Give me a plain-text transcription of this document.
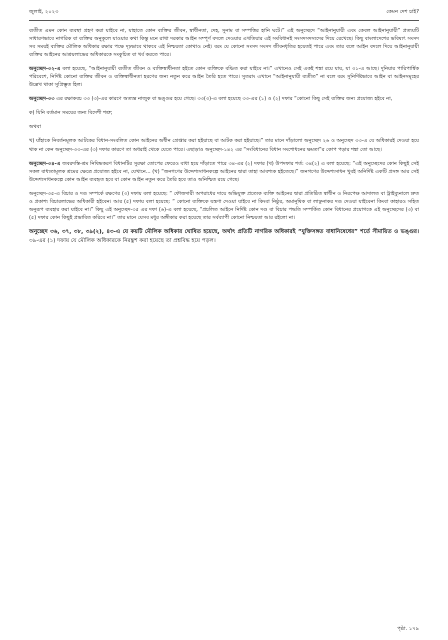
জুলাই, ২০২৩	কেমন দেশ চাই?

ব্যতীত এমন কোন ব্যবস্থা গ্রহণ করা যাইবে না, যাহাতে কোন ব্যক্তির জীবন, স্বাধীনতা, দেহ, সুনাম বা সম্পত্তির হানি ঘটে।” এই অনুচ্ছেদে “আইনানুযায়ী এবং কেবল আইনানুযায়ী” প্রত্যয়টি সাধারণভাবে নাগরিক বা ব্যক্তির অনুকূলে যাওয়ার কথা কিন্তু মনে রাখা দরকার আইন সম্পূর্ণ বদলে দেওয়ার এখতিয়ার এই সংবিধানই সংসদসদস্যদের দিয়ে রেখেছে। কিছু বাংলাদেশের ভবিষ্যৎ সংসদ সব সময়ই ব্যক্তির মৌলিক অধিকার রক্ষার পক্ষে দৃঢ়ভাবে থাকবে এই নিশ্চয়তা কোথাও নেই। বরং যে কোনো সংসদ সংসদ জীবনধৃতির হয়েতই পারে এবং তার বলে আইন বদলে দিয়ে আইনানুযায়ী ব্যক্তির আইনের আশ্রয়লাভের অধিকারকে সংকুচিত বা খর্ব করতে পারে।

অনুচ্ছেদ-৩২-এ বলা হয়েছে, “আইনানুযায়ী ব্যতীত জীবন ও ব্যক্তিস্বাধীনতা হইতে কোন ব্যক্তিকে বঞ্চিত করা যাইবে না।” এখানেও সেই একই শঙ্কা রয়ে যায়, যা ৩১-এ আছে। দুনিয়ার পারিপার্শ্বিক পরিবেশে, নির্দিষ্ট কোনো ব্যক্তির জীবন ও ব্যক্তিস্বাধীনতা হরণের জন্য নতুন করে আইন তৈরি হতে পারে। সুতরাং এখানে “আইনানুযায়ী ব্যতীত” না বলে বরং সুনির্দিষ্টভাবে আইন বা আইনসমূহের উল্লেখ থাকা সুপ্রিম্ভূত হিল।

অনুচ্ছেদ-৩৩ এর রক্ষাকবচ ৩৩ (৩)-এর কারণে অত্যন্ত নাজুক বা ভঙ্গুর হয়ে গেছে। ৩৩(৩)-এ বলা হয়েছে ৩৩-এর (১) ও (২) দফার “কোনো কিছু সেই ব্যক্তির জন্য প্রযোজ্য হইবে না,

ক) যিনি বর্তমান সময়ের জন্য বিদেশী শত্রু;

অথবা

খ) যাঁহাকে নিবর্তনমূলক আটকের বিধান-সংবলিত কোন আইনের অধীন গ্রেপ্তার করা হইয়াছে বা আটক করা হইয়াছে।” তার মানে দাঁড়ালো অনুচ্ছেদ ২৬ ও অনুচ্ছেদ ৩৩-এ যে অধিকারই দেওয়া হয়ে থাক না কেন অনুচ্ছেদ-৩৩-এর (৩) দফার কারণে তা অধরাই থেকে যেতে পারে। এছাড়াও অনুচ্ছেদ-১৪২ এর “সংবিধানের বিধান সংশোধনের ক্ষমতা”র কোপ পড়ার শঙ্কা তো আছে।

অনুচ্ছেদ-৩৪-এ জবরদস্তি-শ্রম নিষিদ্ধকরণ বিধানটির সুরক্ষা তোপের ফেরেও বাধা হয়ে দাঁড়াতে পারে ৩৪-এর (২) দফার (খ) উপদফার শর্ত: ৩৪(২) এ বলা হয়েছে: “এই অনুচ্ছেদের কোন কিছুই সেই সকল বাধ্যতামূলক শ্রমের ক্ষেত্রে প্রযোজ্য হইবে না, যেখানে... (খ) “জনগণের উদ্দেশ্যসাধনকল্পে আইনের দ্বারা তাহা আবশ্যক হইতেছে।” জনগণের উদ্দেশ্যসাধন খুবই অনির্দিষ্ট একটি প্রসঙ্গ আর সেই উদ্দেশ্যসাধনকল্পে কোন আইন ব্যবহৃত হবে বা কোন আইন নতুন করে তৈরি হবে তাও অনিশ্চিত রয়ে গেছে।

অনুচ্ছেদ-৩৫-এ বিচার ও দণ্ড সম্পর্কে রক্ষণের (৩) দফায় বলা হয়েছে: “ ফৌজদারী অপরাধের দায়ে অভিযুক্ত প্রত্যেক ব্যক্তি আইনের দ্বারা প্রতিষ্ঠিত স্বাধীন ও নিরপেক্ষ আদালত বা ট্রাইব্যুনালে দ্রুত ও প্রকাশ্য বিচারলাভের অধিকারী হইবেন। আর (৫) দফায় বলা হয়েছে: “ কোনো ব্যক্তিকে যন্ত্রণা দেওয়া যাইবে না কিংবা নিষ্ঠুর, অমানুষিক বা লাঞ্ছনাকর দণ্ড দেওয়া যাইবেনা কিংবা কাহারও সহিত অনুরূপ ব্যবহার করা যাইবে না।” কিছু এই অনুচ্ছেদ-৩৫ এর দফা (৬)-এ বলা হয়েছে, “প্রচলিত আইনে নির্দিষ্ট কোন দণ্ড বা বিচার পদ্ধতি সম্পর্কিত কোন বিধানের প্রয়োগকে এই অনুচ্ছেদের (৩) বা (৫) দফার কোন কিছুই প্রভাবিত করিবে না।” তার মানে যেসব মধুর অঙ্গীকার করা হয়েছে তার সর্বব্যাপী কোনো নিশ্চয়তা আর রইলো না।

অনুচ্ছেদ ৩৬, ৩৭, ৩৮, ৩৯(২), ৪৩-এ যে কয়টি মৌলিক অধিকার ঘোষিত হয়েছে, অর্থাৎ প্রতিটি নাগরিক অধিকারই “যুক্তিসঙ্গত বাধানিষেধের” শর্তে সীমায়িত ও ভঙ্গুর। ৩৯-এর (১) দফায় যে মৌলিক অধিকারকে নিরঙ্কুশ করা হয়েছে তা প্রশ্নবিদ্ধ হয়ে পড়ল।

পৃষ্ঠা. ১৭৯
